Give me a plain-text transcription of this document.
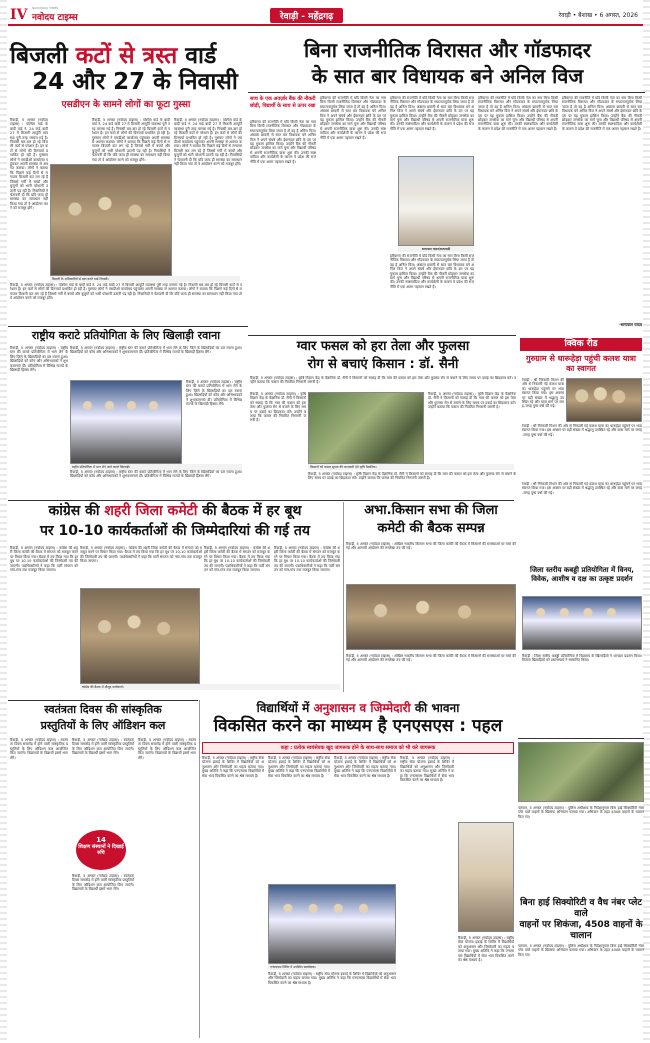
IV NAVODAYA TIMES
नवोदय टाइम्स	रेवाड़ी - महेंद्रगढ़	रेवाड़ी • बैशाख • 6 अगस्त, 2026
बिजली कटों से त्रस्त वार्ड
24 और 27 के निवासी
एसडीएन के सामने लोगों का फूटा गुस्सा
रिवाड़ी, 5 अगस्त (नवोदय टाइम्स) : पश्चिम वार्ड के बादी वार्ड नं. 24 वार्ड बादी 27 में बिजली आपूर्ति व्यवस्था पूरी तरह चरमरा गई है। निवासी बार-बार हो रहे बिजली कटों से परेशान हैं। इन कटों से लोगों की दिनचर्या प्रभावित हो रही है। गुस्साए लोगों ने एसडीओ कार्यालय पहुंचकर अपनी समस्या से अवगत कराया। लोगों ने बताया कि पिछले कई दिनों से लगातार बिजली कट लग रहे हैं जिससे गर्मी में बच्चों और बुजुर्गों को भारी परेशानी उठानी पड़ रही है। निवासियों ने चेतावनी दी कि यदि जल्द ही समस्या का समाधान नहीं किया गया तो वे आंदोलन करने को मजबूर होंगे।
रिवाड़ी, 5 अगस्त (नवोदय टाइम्स) : पश्चिम वार्ड के बादी वार्ड नं. 24 वार्ड बादी 27 में बिजली आपूर्ति व्यवस्था पूरी तरह चरमरा गई है। निवासी बार-बार हो रहे बिजली कटों से परेशान हैं। इन कटों से लोगों की दिनचर्या प्रभावित हो रही है। गुस्साए लोगों ने एसडीओ कार्यालय पहुंचकर अपनी समस्या से अवगत कराया। लोगों ने बताया कि पिछले कई दिनों से लगातार बिजली कट लग रहे हैं जिससे गर्मी में बच्चों और बुजुर्गों को भारी परेशानी उठानी पड़ रही है। निवासियों ने चेतावनी दी कि यदि जल्द ही समस्या का समाधान नहीं किया गया तो वे आंदोलन करने को मजबूर होंगे।
रिवाड़ी, 5 अगस्त (नवोदय टाइम्स) : पश्चिम वार्ड के बादी वार्ड नं. 24 वार्ड बादी 27 में बिजली आपूर्ति व्यवस्था पूरी तरह चरमरा गई है। निवासी बार-बार हो रहे बिजली कटों से परेशान हैं। इन कटों से लोगों की दिनचर्या प्रभावित हो रही है। गुस्साए लोगों ने एसडीओ कार्यालय पहुंचकर अपनी समस्या से अवगत कराया। लोगों ने बताया कि पिछले कई दिनों से लगातार बिजली कट लग रहे हैं जिससे गर्मी में बच्चों और बुजुर्गों को भारी परेशानी उठानी पड़ रही है। निवासियों ने चेतावनी दी कि यदि जल्द ही समस्या का समाधान नहीं किया गया तो वे आंदोलन करने को मजबूर होंगे।
बिजली के अधिकारियों से बात करते वार्ड निवासी।
रिवाड़ी, 5 अगस्त (नवोदय टाइम्स) : पश्चिम वार्ड के बादी वार्ड नं. 24 वार्ड बादी 27 में बिजली आपूर्ति व्यवस्था पूरी तरह चरमरा गई है। निवासी बार-बार हो रहे बिजली कटों से परेशान हैं। इन कटों से लोगों की दिनचर्या प्रभावित हो रही है। गुस्साए लोगों ने एसडीओ कार्यालय पहुंचकर अपनी समस्या से अवगत कराया। लोगों ने बताया कि पिछले कई दिनों से लगातार बिजली कट लग रहे हैं जिससे गर्मी में बच्चों और बुजुर्गों को भारी परेशानी उठानी पड़ रही है। निवासियों ने चेतावनी दी कि यदि जल्द ही समस्या का समाधान नहीं किया गया तो वे आंदोलन करने को मजबूर होंगे।
बिना राजनीतिक विरासत और गॉडफादर
के सात बार विधायक बने अनिल विज
साथ के एक अवर्ज़ार बैंक की नौकरी छोड़ी, विद्यार्थी के साथ से ऊपर रखा
हरियाणा की राजनीति में यदि किसी नेता का नाम बिना किसी राजनीतिक विरासत और गॉडफादर के सफलतापूर्वक लिया जाता है तो वह है अनिल विज। अंबाला छावनी से सात बार विधायक बने अनिल विज ने अपने संघर्ष और ईमानदार छवि के दम पर यह मुकाम हासिल किया। उन्होंने बैंक की नौकरी छोड़कर जनसेवा का मार्ग चुना और विद्यार्थी परिषद से अपनी राजनीतिक यात्रा शुरू की। उनकी स्पष्टवादिता और कार्यशैली के कारण वे प्रदेश की राजनीति में एक अलग पहचान रखते हैं।
हरियाणा की राजनीति में यदि किसी नेता का नाम बिना किसी राजनीतिक विरासत और गॉडफादर के सफलतापूर्वक लिया जाता है तो वह है अनिल विज। अंबाला छावनी से सात बार विधायक बने अनिल विज ने अपने संघर्ष और ईमानदार छवि के दम पर यह मुकाम हासिल किया। उन्होंने बैंक की नौकरी छोड़कर जनसेवा का मार्ग चुना और विद्यार्थी परिषद से अपनी राजनीतिक यात्रा शुरू की। उनकी स्पष्टवादिता और कार्यशैली के कारण वे प्रदेश की राजनीति में एक अलग पहचान रखते हैं।
हरियाणा की राजनीति में यदि किसी नेता का नाम बिना किसी राजनीतिक विरासत और गॉडफादर के सफलतापूर्वक लिया जाता है तो वह है अनिल विज। अंबाला छावनी से सात बार विधायक बने अनिल विज ने अपने संघर्ष और ईमानदार छवि के दम पर यह मुकाम हासिल किया। उन्होंने बैंक की नौकरी छोड़कर जनसेवा का मार्ग चुना और विद्यार्थी परिषद से अपनी राजनीतिक यात्रा शुरू की। उनकी स्पष्टवादिता और कार्यशैली के कारण वे प्रदेश की राजनीति में एक अलग पहचान रखते हैं।
सत्यपाल यादव/सत्यवादी
हरियाणा की राजनीति में यदि किसी नेता का नाम बिना किसी राजनीतिक विरासत और गॉडफादर के सफलतापूर्वक लिया जाता है तो वह है अनिल विज। अंबाला छावनी से सात बार विधायक बने अनिल विज ने अपने संघर्ष और ईमानदार छवि के दम पर यह मुकाम हासिल किया। उन्होंने बैंक की नौकरी छोड़कर जनसेवा का मार्ग चुना और विद्यार्थी परिषद से अपनी राजनीतिक यात्रा शुरू की। उनकी स्पष्टवादिता और कार्यशैली के कारण वे प्रदेश की राजनीति में एक अलग पहचान रखते हैं।
हरियाणा की राजनीति में यदि किसी नेता का नाम बिना किसी राजनीतिक विरासत और गॉडफादर के सफलतापूर्वक लिया जाता है तो वह है अनिल विज। अंबाला छावनी से सात बार विधायक बने अनिल विज ने अपने संघर्ष और ईमानदार छवि के दम पर यह मुकाम हासिल किया। उन्होंने बैंक की नौकरी छोड़कर जनसेवा का मार्ग चुना और विद्यार्थी परिषद से अपनी राजनीतिक यात्रा शुरू की। उनकी स्पष्टवादिता और कार्यशैली के कारण वे प्रदेश की राजनीति में एक अलग पहचान रखते हैं।
हरियाणा की राजनीति में यदि किसी नेता का नाम बिना किसी राजनीतिक विरासत और गॉडफादर के सफलतापूर्वक लिया जाता है तो वह है अनिल विज। अंबाला छावनी से सात बार विधायक बने अनिल विज ने अपने संघर्ष और ईमानदार छवि के दम पर यह मुकाम हासिल किया। उन्होंने बैंक की नौकरी छोड़कर जनसेवा का मार्ग चुना और विद्यार्थी परिषद से अपनी राजनीतिक यात्रा शुरू की। उनकी स्पष्टवादिता और कार्यशैली के कारण वे प्रदेश की राजनीति में एक अलग पहचान रखते हैं।
-सत्यपाल यादव
राष्ट्रीय कराटे प्रतियोगिता के लिए खिलाड़ी रवाना
रिवाड़ी, 5 अगस्त (नवोदय टाइम्स) : राष्ट्रीय स्तर की कराटे प्रतियोगिता में भाग लेने के लिए जिले के खिलाड़ियों का दल रवाना हुआ। खिलाड़ियों को कोच और अभिभावकों ने शुभकामनाएं दीं। प्रतियोगिता में विभिन्न राज्यों के खिलाड़ी हिस्सा लेंगे।
रिवाड़ी, 5 अगस्त (नवोदय टाइम्स) : राष्ट्रीय स्तर की कराटे प्रतियोगिता में भाग लेने के लिए जिले के खिलाड़ियों का दल रवाना हुआ। खिलाड़ियों को कोच और अभिभावकों ने शुभकामनाएं दीं। प्रतियोगिता में विभिन्न राज्यों के खिलाड़ी हिस्सा लेंगे।
राष्ट्रीय प्रतियोगिता में भाग लेने जाते कराटे खिलाड़ी।
रिवाड़ी, 5 अगस्त (नवोदय टाइम्स) : राष्ट्रीय स्तर की कराटे प्रतियोगिता में भाग लेने के लिए जिले के खिलाड़ियों का दल रवाना हुआ। खिलाड़ियों को कोच और अभिभावकों ने शुभकामनाएं दीं। प्रतियोगिता में विभिन्न राज्यों के खिलाड़ी हिस्सा लेंगे।
रिवाड़ी, 5 अगस्त (नवोदय टाइम्स) : राष्ट्रीय स्तर की कराटे प्रतियोगिता में भाग लेने के लिए जिले के खिलाड़ियों का दल रवाना हुआ। खिलाड़ियों को कोच और अभिभावकों ने शुभकामनाएं दीं। प्रतियोगिता में विभिन्न राज्यों के खिलाड़ी हिस्सा लेंगे।
ग्वार फसल को हरा तेला और फुलसा
रोग से बचाएं किसान : डॉ. सैनी
रिवाड़ी, 5 अगस्त (नवोदय टाइम्स) : कृषि विज्ञान केंद्र के वैज्ञानिक डॉ. सैनी ने किसानों को सलाह दी कि ग्वार की फसल को हरा तेला और फुलसा रोग से बचाने के लिए समय पर दवाई का छिड़काव करें। उन्होंने बताया कि फसल की नियमित निगरानी जरूरी है।
रिवाड़ी, 5 अगस्त (नवोदय टाइम्स) : कृषि विज्ञान केंद्र के वैज्ञानिक डॉ. सैनी ने किसानों को सलाह दी कि ग्वार की फसल को हरा तेला और फुलसा रोग से बचाने के लिए समय पर दवाई का छिड़काव करें। उन्होंने बताया कि फसल की नियमित निगरानी जरूरी है।
किसानों को फसल सुरक्षा की जानकारी देते कृषि वैज्ञानिक।
रिवाड़ी, 5 अगस्त (नवोदय टाइम्स) : कृषि विज्ञान केंद्र के वैज्ञानिक डॉ. सैनी ने किसानों को सलाह दी कि ग्वार की फसल को हरा तेला और फुलसा रोग से बचाने के लिए समय पर दवाई का छिड़काव करें। उन्होंने बताया कि फसल की नियमित निगरानी जरूरी है।
रिवाड़ी, 5 अगस्त (नवोदय टाइम्स) : कृषि विज्ञान केंद्र के वैज्ञानिक डॉ. सैनी ने किसानों को सलाह दी कि ग्वार की फसल को हरा तेला और फुलसा रोग से बचाने के लिए समय पर दवाई का छिड़काव करें। उन्होंने बताया कि फसल की नियमित निगरानी जरूरी है।
क्विक रीड
गुरुग्राम से धारूहेड़ा पहुंची कलश यात्रा का स्वागत
रेवाड़ी : श्री निरंकारी मिशन की ओर से निकाली गई कलश यात्रा का धारूहेड़ा पहुंचने पर भव्य स्वागत किया गया। इस अवसर पर बड़ी संख्या में श्रद्धालु उपस्थित रहे और यात्रा मार्ग पर जगह-जगह पुष्प वर्षा की गई।
रेवाड़ी : श्री निरंकारी मिशन की ओर से निकाली गई कलश यात्रा का धारूहेड़ा पहुंचने पर भव्य स्वागत किया गया। इस अवसर पर बड़ी संख्या में श्रद्धालु उपस्थित रहे और यात्रा मार्ग पर जगह-जगह पुष्प वर्षा की गई।
कांग्रेस की शहरी जिला कमेटी की बैठक में हर बूथ
पर 10-10 कार्यकर्ताओं की जिम्मेदारियां की गई तय
रिवाड़ी, 5 अगस्त (नवोदय टाइम्स) : कांग्रेस की शहरी जिला कमेटी की बैठक में संगठन को मजबूत करने पर विचार किया गया। बैठक में तय किया गया कि हर बूथ पर 10-10 कार्यकर्ताओं की जिम्मेदारी तय की जाएगी। पदाधिकारियों ने कहा कि पार्टी संगठन को गांव-गांव तक मजबूत किया जाएगा।
रिवाड़ी, 5 अगस्त (नवोदय टाइम्स) : कांग्रेस की शहरी जिला कमेटी की बैठक में संगठन को मजबूत करने पर विचार किया गया। बैठक में तय किया गया कि हर बूथ पर 10-10 कार्यकर्ताओं की जिम्मेदारी तय की जाएगी। पदाधिकारियों ने कहा कि पार्टी संगठन को गांव-गांव तक मजबूत किया जाएगा।
कांग्रेस की बैठक में मौजूद कार्यकर्ता।
रिवाड़ी, 5 अगस्त (नवोदय टाइम्स) : कांग्रेस की शहरी जिला कमेटी की बैठक में संगठन को मजबूत करने पर विचार किया गया। बैठक में तय किया गया कि हर बूथ पर 10-10 कार्यकर्ताओं की जिम्मेदारी तय की जाएगी। पदाधिकारियों ने कहा कि पार्टी संगठन को गांव-गांव तक मजबूत किया जाएगा।
रिवाड़ी, 5 अगस्त (नवोदय टाइम्स) : कांग्रेस की शहरी जिला कमेटी की बैठक में संगठन को मजबूत करने पर विचार किया गया। बैठक में तय किया गया कि हर बूथ पर 10-10 कार्यकर्ताओं की जिम्मेदारी तय की जाएगी। पदाधिकारियों ने कहा कि पार्टी संगठन को गांव-गांव तक मजबूत किया जाएगा।
अभा.किसान सभा की जिला
कमेटी की बैठक सम्पन्न
रिवाड़ी, 5 अगस्त (नवोदय टाइम्स) : अखिल भारतीय किसान सभा की जिला कमेटी की बैठक में किसानों की समस्याओं पर चर्चा की गई और आगामी आंदोलन की रूपरेखा तय की गई।
रिवाड़ी, 5 अगस्त (नवोदय टाइम्स) : अखिल भारतीय किसान सभा की जिला कमेटी की बैठक में किसानों की समस्याओं पर चर्चा की गई और आगामी आंदोलन की रूपरेखा तय की गई।
रेवाड़ी : श्री निरंकारी मिशन की ओर से निकाली गई कलश यात्रा का धारूहेड़ा पहुंचने पर भव्य स्वागत किया गया। इस अवसर पर बड़ी संख्या में श्रद्धालु उपस्थित रहे और यात्रा मार्ग पर जगह-जगह पुष्प वर्षा की गई।
जिला स्तरीय कबड्डी प्रतियोगिता में विनय, विवेक, आशीष व दक्ष का उत्कृष्ट प्रदर्शन
रिवाड़ी : जिला स्तरीय कबड्डी प्रतियोगिता में विद्यालय के खिलाड़ियों ने शानदार प्रदर्शन किया। विजेता खिलाड़ियों को प्रधानाचार्य ने सम्मानित किया।
स्वतंत्रता दिवस की सांस्कृतिक
प्रस्तुतियों के लिए ऑडिशन कल
रिवाड़ी, 5 अगस्त (नवोदय टाइम्स) : स्वतंत्रता दिवस समारोह में होने वाली सांस्कृतिक प्रस्तुतियों के लिए ऑडिशन कल आयोजित किए जाएंगे। विद्यालयों के विद्यार्थी इसमें भाग लेंगे।
रिवाड़ी, 5 अगस्त (नवोदय टाइम्स) : स्वतंत्रता दिवस समारोह में होने वाली सांस्कृतिक प्रस्तुतियों के लिए ऑडिशन कल आयोजित किए जाएंगे। विद्यालयों के विद्यार्थी इसमें भाग लेंगे।
14
शिक्षण संस्थानों ने दिखाई रुचि
रिवाड़ी, 5 अगस्त (नवोदय टाइम्स) : स्वतंत्रता दिवस समारोह में होने वाली सांस्कृतिक प्रस्तुतियों के लिए ऑडिशन कल आयोजित किए जाएंगे। विद्यालयों के विद्यार्थी इसमें भाग लेंगे।
रिवाड़ी, 5 अगस्त (नवोदय टाइम्स) : स्वतंत्रता दिवस समारोह में होने वाली सांस्कृतिक प्रस्तुतियों के लिए ऑडिशन कल आयोजित किए जाएंगे। विद्यालयों के विद्यार्थी इसमें भाग लेंगे।
विद्यार्थियों में अनुशासन व जिम्मेदारी की भावना
विकसित करने का माध्यम है एनएसएस : पहल
कहा : प्रत्येक स्वयंसेवक खुद जागरूक होने के साथ-साथ समाज को भी करे जागरूक
रिवाड़ी, 5 अगस्त (नवोदय टाइम्स) : राष्ट्रीय सेवा योजना इकाई के शिविर में विद्यार्थियों को अनुशासन और जिम्मेदारी का महत्व बताया गया। मुख्य अतिथि ने कहा कि एनएसएस विद्यार्थियों में सेवा भाव विकसित करने का श्रेष्ठ माध्यम है।
रिवाड़ी, 5 अगस्त (नवोदय टाइम्स) : राष्ट्रीय सेवा योजना इकाई के शिविर में विद्यार्थियों को अनुशासन और जिम्मेदारी का महत्व बताया गया। मुख्य अतिथि ने कहा कि एनएसएस विद्यार्थियों में सेवा भाव विकसित करने का श्रेष्ठ माध्यम है।
रिवाड़ी, 5 अगस्त (नवोदय टाइम्स) : राष्ट्रीय सेवा योजना इकाई के शिविर में विद्यार्थियों को अनुशासन और जिम्मेदारी का महत्व बताया गया। मुख्य अतिथि ने कहा कि एनएसएस विद्यार्थियों में सेवा भाव विकसित करने का श्रेष्ठ माध्यम है।
रिवाड़ी, 5 अगस्त (नवोदय टाइम्स) : राष्ट्रीय सेवा योजना इकाई के शिविर में विद्यार्थियों को अनुशासन और जिम्मेदारी का महत्व बताया गया। मुख्य अतिथि ने कहा कि एनएसएस विद्यार्थियों में सेवा भाव विकसित करने का श्रेष्ठ माध्यम है।
एनएसएस शिविर में उपस्थित स्वयंसेवक।
रिवाड़ी, 5 अगस्त (नवोदय टाइम्स) : राष्ट्रीय सेवा योजना इकाई के शिविर में विद्यार्थियों को अनुशासन और जिम्मेदारी का महत्व बताया गया। मुख्य अतिथि ने कहा कि एनएसएस विद्यार्थियों में सेवा भाव विकसित करने का श्रेष्ठ माध्यम है।
रिवाड़ी, 5 अगस्त (नवोदय टाइम्स) : राष्ट्रीय सेवा योजना इकाई के शिविर में विद्यार्थियों को अनुशासन और जिम्मेदारी का महत्व बताया गया। मुख्य अतिथि ने कहा कि एनएसएस विद्यार्थियों में सेवा भाव विकसित करने का श्रेष्ठ माध्यम है।
पलवल, 5 अगस्त (नवोदय टाइम्स) : पुलिस अधीक्षक के निर्देशानुसार बिना हाई सिक्योरिटी नंबर प्लेट वाले वाहनों के खिलाफ अभियान चलाया गया। अभियान के तहत 4508 वाहनों के चालान किए गए।
बिना हाई सिक्योरिटी व वैध नंबर प्लेट वाले
वाहनों पर शिकंजा, 4508 वाहनों के चालान
पलवल, 5 अगस्त (नवोदय टाइम्स) : पुलिस अधीक्षक के निर्देशानुसार बिना हाई सिक्योरिटी नंबर प्लेट वाले वाहनों के खिलाफ अभियान चलाया गया। अभियान के तहत 4508 वाहनों के चालान किए गए।
